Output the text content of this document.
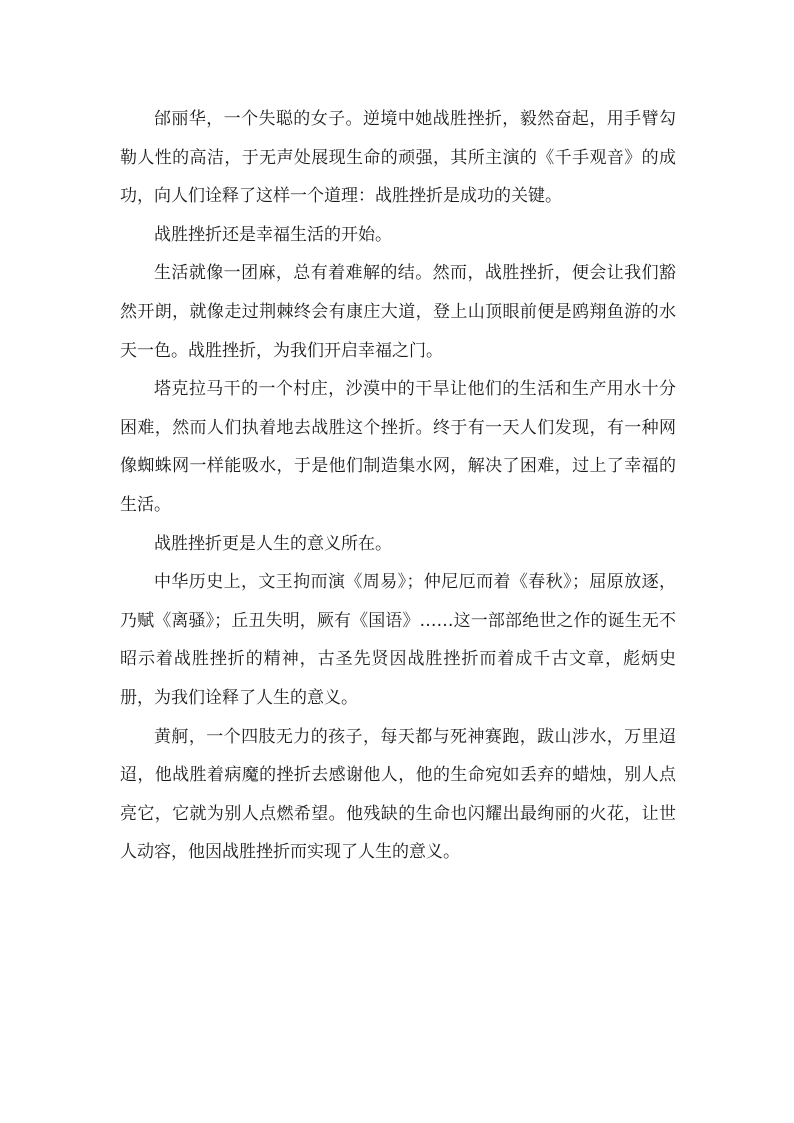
邰丽华，一个失聪的女子。逆境中她战胜挫折，毅然奋起，用手臂勾勒人性的高洁，于无声处展现生命的顽强，其所主演的《千手观音》的成功，向人们诠释了这样一个道理：战胜挫折是成功的关键。

战胜挫折还是幸福生活的开始。

生活就像一团麻，总有着难解的结。然而，战胜挫折，便会让我们豁然开朗，就像走过荆棘终会有康庄大道，登上山顶眼前便是鸥翔鱼游的水天一色。战胜挫折，为我们开启幸福之门。

塔克拉马干的一个村庄，沙漠中的干旱让他们的生活和生产用水十分困难，然而人们执着地去战胜这个挫折。终于有一天人们发现，有一种网像蜘蛛网一样能吸水，于是他们制造集水网，解决了困难，过上了幸福的生活。

战胜挫折更是人生的意义所在。

中华历史上，文王拘而演《周易》；仲尼厄而着《春秋》；屈原放逐，乃赋《离骚》；丘丑失明，厥有《国语》……这一部部绝世之作的诞生无不昭示着战胜挫折的精神，古圣先贤因战胜挫折而着成千古文章，彪炳史册，为我们诠释了人生的意义。

黄舸，一个四肢无力的孩子，每天都与死神赛跑，跋山涉水，万里迢迢，他战胜着病魔的挫折去感谢他人，他的生命宛如丢弃的蜡烛，别人点亮它，它就为别人点燃希望。他残缺的生命也闪耀出最绚丽的火花，让世人动容，他因战胜挫折而实现了人生的意义。
